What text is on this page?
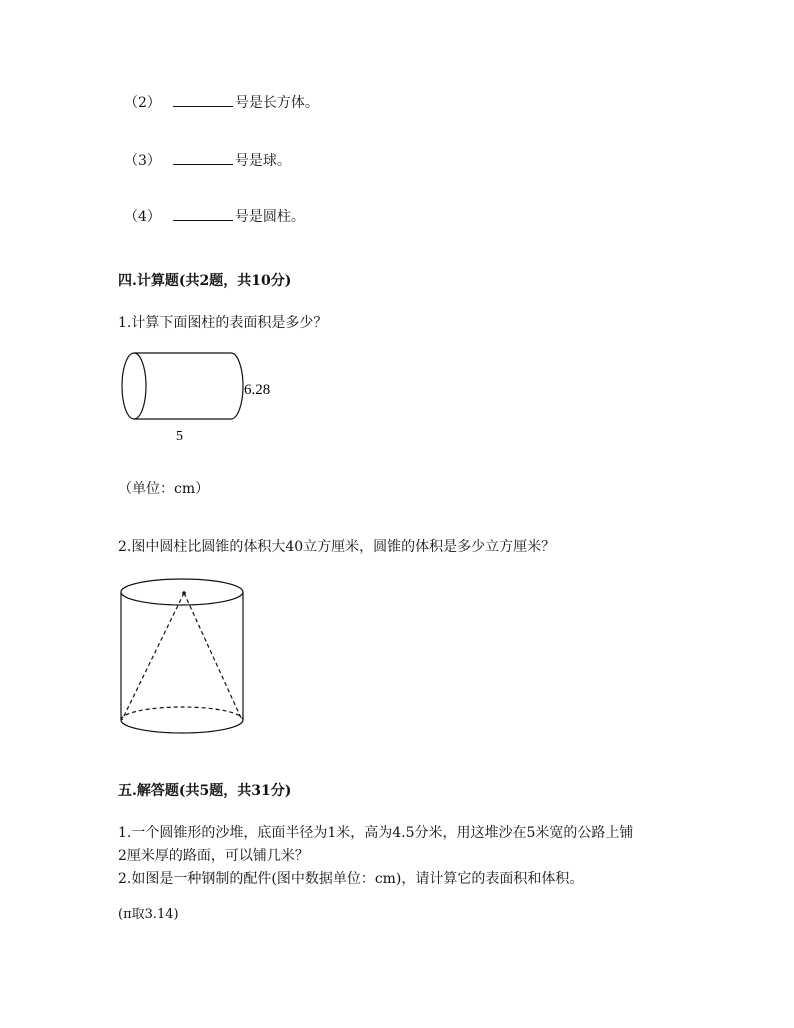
（2）	号是长方体。
（3）	号是球。
（4）	号是圆柱。
四.计算题(共2题，共10分)
1.计算下面图柱的表面积是多少？
6.28
5
（单位：cm）
2.图中圆柱比圆锥的体积大40立方厘米，圆锥的体积是多少立方厘米？
五.解答题(共5题，共31分)
1.一个圆锥形的沙堆，底面半径为1米，高为4.5分米，用这堆沙在5米宽的公路上铺
2厘米厚的路面，可以铺几米？
2.如图是一种钢制的配件(图中数据单位：cm)，请计算它的表面积和体积。
(π取3.14)
